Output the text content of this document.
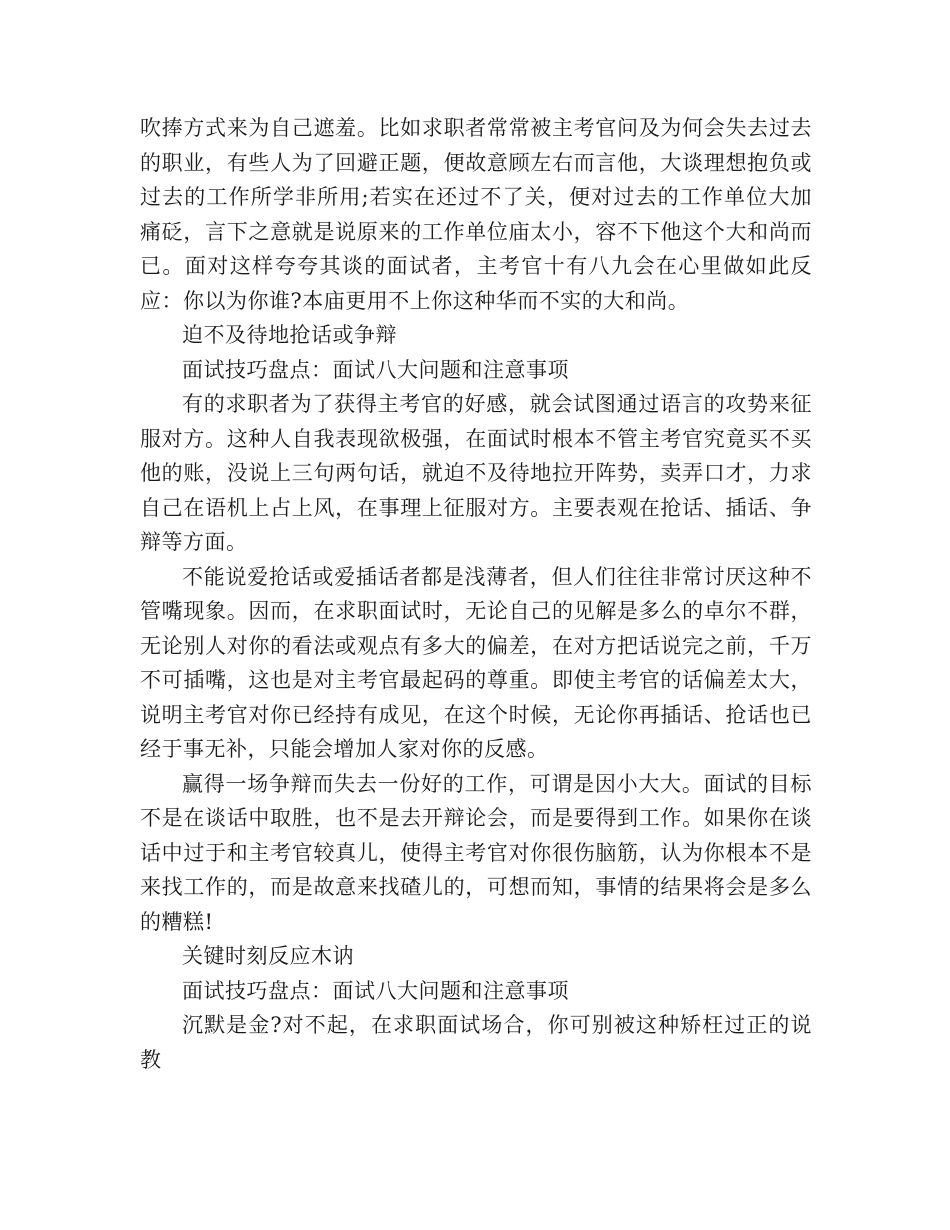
吹捧方式来为自己遮羞。比如求职者常常被主考官问及为何会失去过去的职业，有些人为了回避正题，便故意顾左右而言他，大谈理想抱负或过去的工作所学非所用;若实在还过不了关，便对过去的工作单位大加痛砭，言下之意就是说原来的工作单位庙太小，容不下他这个大和尚而已。面对这样夸夸其谈的面试者，主考官十有八九会在心里做如此反应：你以为你谁?本庙更用不上你这种华而不实的大和尚。

迫不及待地抢话或争辩

面试技巧盘点：面试八大问题和注意事项

有的求职者为了获得主考官的好感，就会试图通过语言的攻势来征服对方。这种人自我表现欲极强，在面试时根本不管主考官究竟买不买他的账，没说上三句两句话，就迫不及待地拉开阵势，卖弄口才，力求自己在语机上占上风，在事理上征服对方。主要表观在抢话、插话、争辩等方面。

不能说爱抢话或爱插话者都是浅薄者，但人们往往非常讨厌这种不管嘴现象。因而，在求职面试时，无论自己的见解是多么的卓尔不群，无论别人对你的看法或观点有多大的偏差，在对方把话说完之前，千万不可插嘴，这也是对主考官最起码的尊重。即使主考官的话偏差太大，说明主考官对你已经持有成见，在这个时候，无论你再插话、抢话也已经于事无补，只能会增加人家对你的反感。

赢得一场争辩而失去一份好的工作，可谓是因小大大。面试的目标不是在谈话中取胜，也不是去开辩论会，而是要得到工作。如果你在谈话中过于和主考官较真儿，使得主考官对你很伤脑筋，认为你根本不是来找工作的，而是故意来找碴儿的，可想而知，事情的结果将会是多么的糟糕!

关键时刻反应木讷

面试技巧盘点：面试八大问题和注意事项

沉默是金?对不起，在求职面试场合，你可别被这种矫枉过正的说教
